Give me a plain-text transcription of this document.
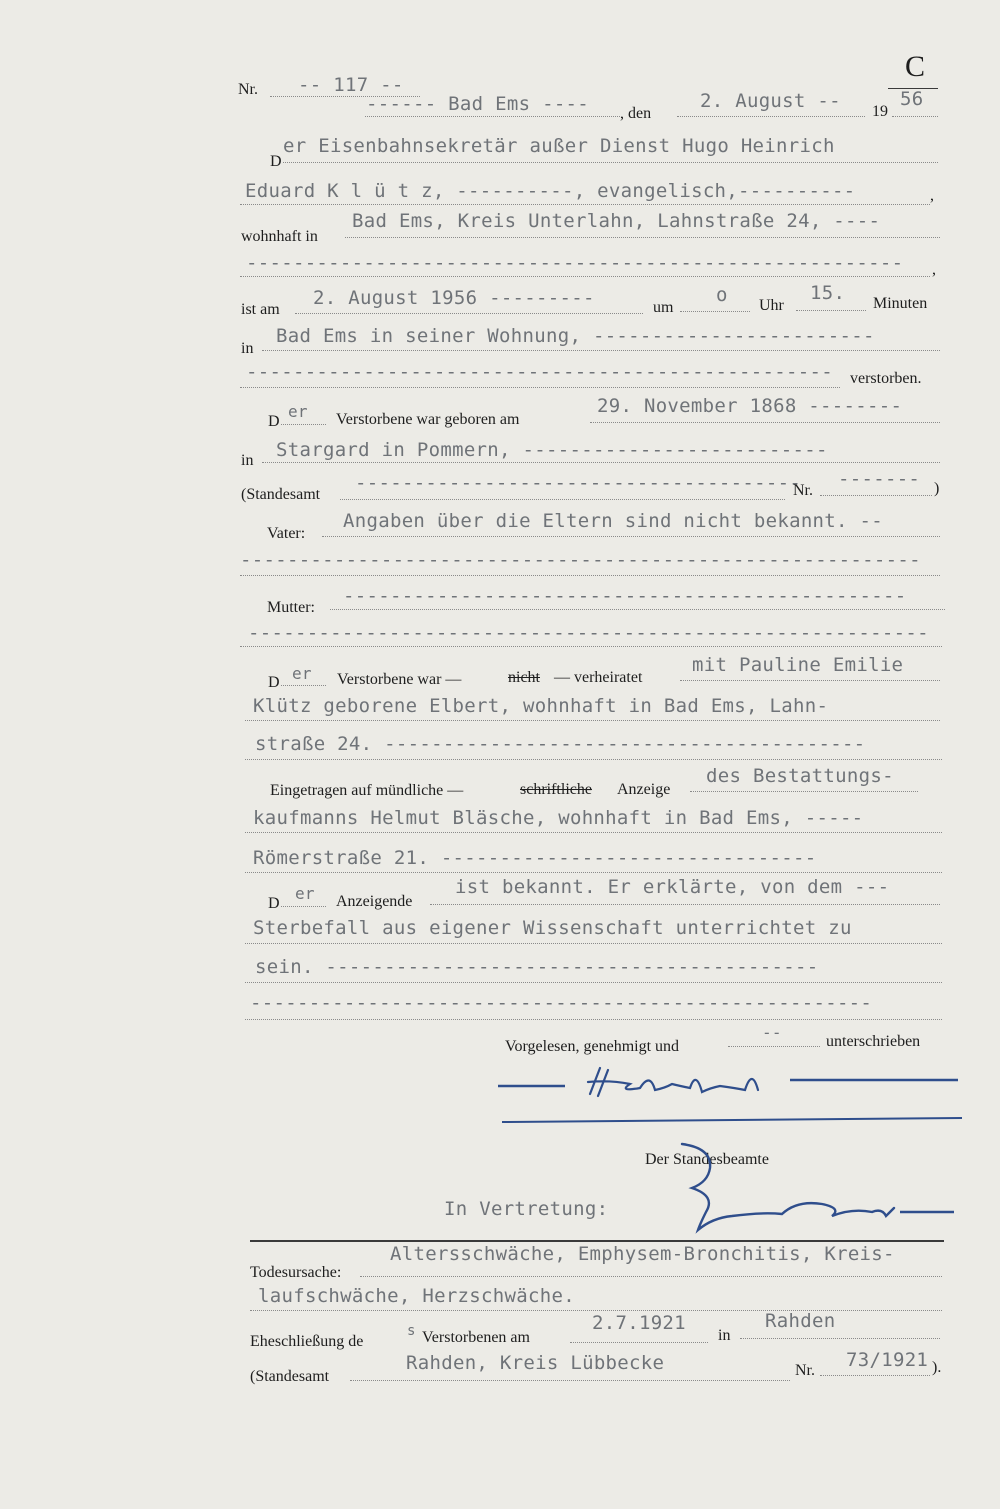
C
Nr. -- 117 --
------ Bad Ems ---- , den
2. August -- 19
56
D
er Eisenbahnsekretär außer Dienst Hugo Heinrich
Eduard K l ü t z, ----------, evangelisch,----------	,
wohnhaft in
Bad Ems, Kreis Unterlahn, Lahnstraße 24, ----
-------------------------------------------------------- ,
ist am
2. August 1956 ---------	um
o Uhr
15. Minuten
in
Bad Ems in seiner Wohnung, ------------------------
-------------------------------------------------- verstorben.
D
er Verstorbene war geboren am
29. November 1868 --------
in Stargard in Pommern, --------------------------
(Standesamt
--------------------------------------
Nr.
------- )
Vater:
Angaben über die Eltern sind nicht bekannt. --
----------------------------------------------------------
Mutter:
------------------------------------------------
----------------------------------------------------------
D er Verstorbene war —	nicht — verheiratet
mit Pauline Emilie
Klütz geborene Elbert, wohnhaft in Bad Ems, Lahn-
straße 24. -----------------------------------------
Eingetragen auf mündliche —	schriftliche Anzeige
des Bestattungs-
kaufmanns Helmut Bläsche, wohnhaft in Bad Ems, -----
Römerstraße 21. --------------------------------
D
er Anzeigende
ist bekannt. Er erklärte, von dem ---
Sterbefall aus eigener Wissenschaft unterrichtet zu
sein. ------------------------------------------
-----------------------------------------------------
Vorgelesen, genehmigt und
--	unterschrieben
Der Standesbeamte
In Vertretung:
Todesursache:
Altersschwäche, Emphysem-Bronchitis, Kreis-
laufschwäche, Herzschwäche.
Eheschließung de
s Verstorbenen am
2.7.1921
in
Rahden
(Standesamt
Rahden, Kreis Lübbecke	Nr. 73/1921 ).
